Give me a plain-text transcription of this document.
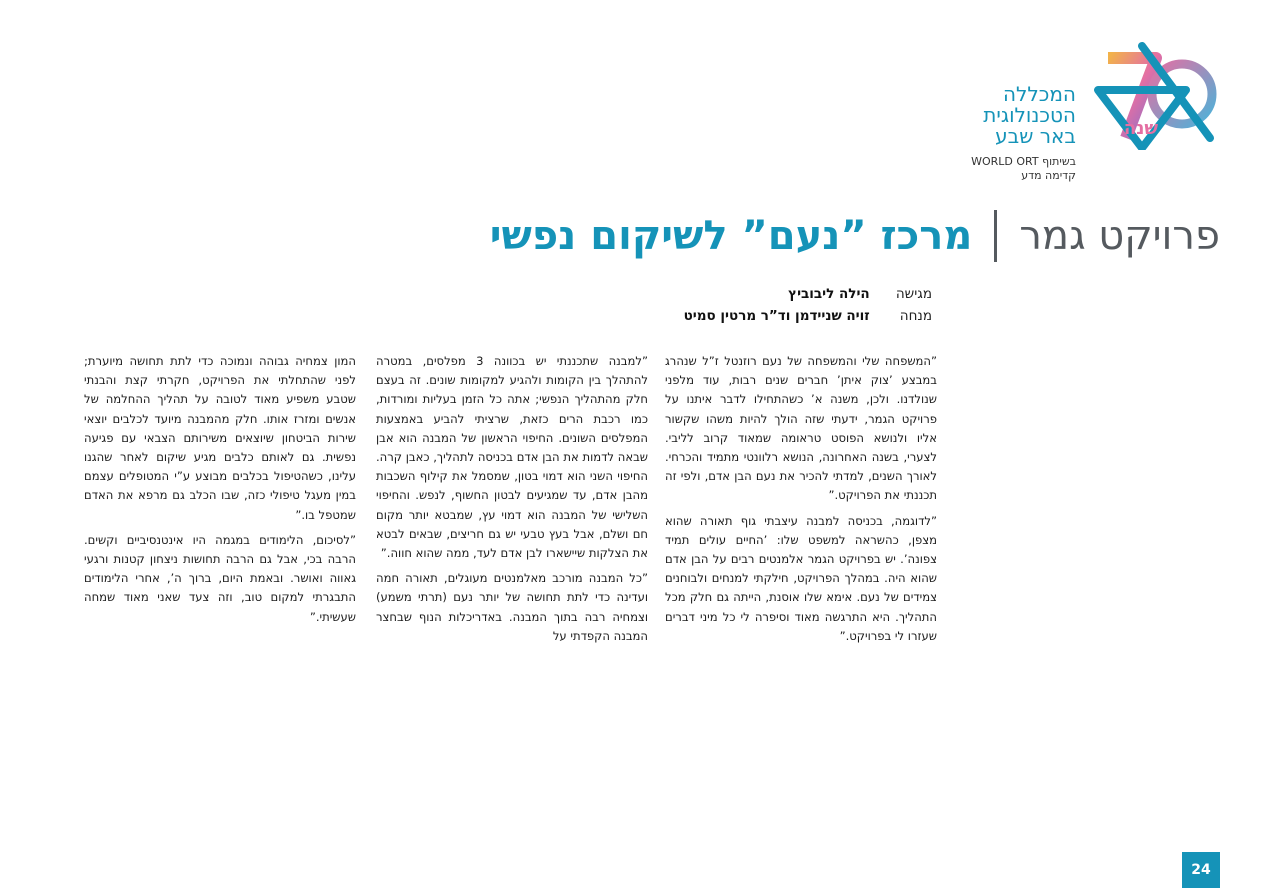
שנה
המכללה
הטכנולוגית
באר שבע
בשיתוף WORLD ORT
קדימה מדע
פרויקט גמר
מרכז ”נעם” לשיקום נפשי
מגישה הילה ליבוביץ
מנחה זויה שניידמן וד”ר מרטין סמיט

”המשפחה שלי והמשפחה של נעם רוזנטל ז”ל שנהרג במבצע ’צוק איתן’ חברים שנים רבות, עוד מלפני שנולדנו. ולכן, משנה א’ כשהתחילו לדבר איתנו על פרויקט הגמר, ידעתי שזה הולך להיות משהו שקשור אליו ולנושא הפוסט טראומה שמאוד קרוב לליבי. לצערי, בשנה האחרונה, הנושא רלוונטי מתמיד והכרחי. לאורך השנים, למדתי להכיר את נעם הבן אדם, ולפי זה תכננתי את הפרויקט.”

”לדוגמה, בכניסה למבנה עיצבתי גוף תאורה שהוא מצפן, כהשראה למשפט שלו: ’החיים עולים תמיד צפונה’. יש בפרויקט הגמר אלמנטים רבים על הבן אדם שהוא היה. במהלך הפרויקט, חילקתי למנחים ולבוחנים צמידים של נעם. אימא שלו אוסנת, הייתה גם חלק מכל התהליך. היא התרגשה מאוד וסיפרה לי כל מיני דברים שעזרו לי בפרויקט.”

”למבנה שתכננתי יש בכוונה 3 מפלסים, במטרה להתהלך בין הקומות ולהגיע למקומות שונים. זה בעצם חלק מהתהליך הנפשי; אתה כל הזמן בעליות ומורדות, כמו רכבת הרים כזאת, שרציתי להביע באמצעות המפלסים השונים. החיפוי הראשון של המבנה הוא אבן שבאה לדמות את הבן אדם בכניסה לתהליך, כאבן קרה. החיפוי השני הוא דמוי בטון, שמסמל את קילוף השכבות מהבן אדם, עד שמגיעים לבטון החשוף, לנפש. והחיפוי השלישי של המבנה הוא דמוי עץ, שמבטא יותר מקום חם ושלם, אבל בעץ טבעי יש גם חריצים, שבאים לבטא את הצלקות שיישארו לבן אדם לעד, ממה שהוא חווה.”

”כל המבנה מורכב מאלמנטים מעוגלים, תאורה חמה ועדינה כדי לתת תחושה של יותר נעם (תרתי משמע) וצמחיה רבה בתוך המבנה. באדריכלות הנוף שבחצר המבנה הקפדתי על

המון צמחיה גבוהה ונמוכה כדי לתת תחושה מיוערת; לפני שהתחלתי את הפרויקט, חקרתי קצת והבנתי שטבע משפיע מאוד לטובה על תהליך ההחלמה של אנשים ומזרז אותו. חלק מהמבנה מיועד לכלבים יוצאי שירות הביטחון שיוצאים משירותם הצבאי עם פגיעה נפשית. גם לאותם כלבים מגיע שיקום לאחר שהגנו עלינו, כשהטיפול בכלבים מבוצע ע”י המטופלים עצמם במין מעגל טיפולי כזה, שבו הכלב גם מרפא את האדם שמטפל בו.”

”לסיכום, הלימודים במגמה היו אינטנסיביים וקשים. הרבה בכי, אבל גם הרבה תחושות ניצחון קטנות ורגעי גאווה ואושר. ובאמת היום, ברוך ה’, אחרי הלימודים התבגרתי למקום טוב, וזה צעד שאני מאוד שמחה שעשיתי.”

24
